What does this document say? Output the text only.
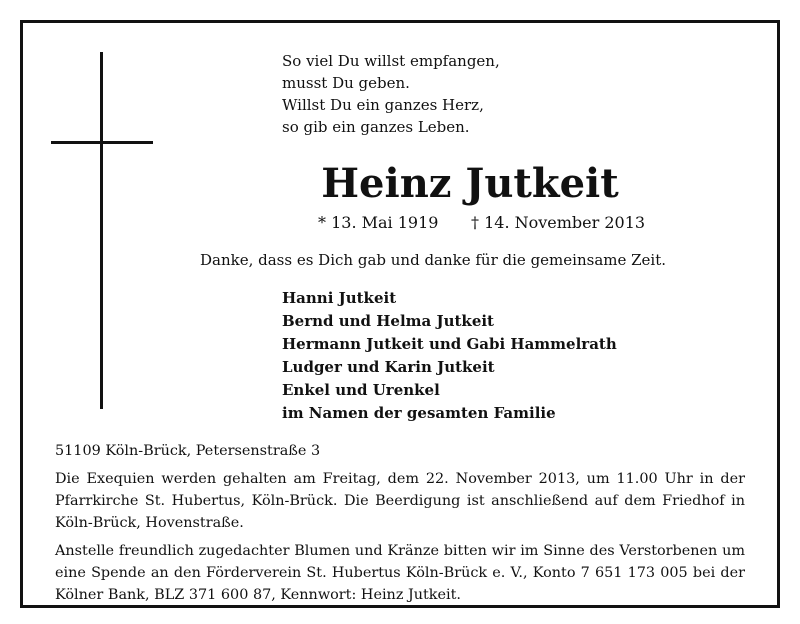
So viel Du willst empfangen,
musst Du geben.
Willst Du ein ganzes Herz,
so gib ein ganzes Leben.
Heinz Jutkeit
* 13. Mai 1919 † 14. November 2013
Danke, dass es Dich gab und danke für die gemeinsame Zeit.
Hanni Jutkeit
Bernd und Helma Jutkeit
Hermann Jutkeit und Gabi Hammelrath
Ludger und Karin Jutkeit
Enkel und Urenkel
im Namen der gesamten Familie

51109 Köln-Brück, Petersenstraße 3

Die Exequien werden gehalten am Freitag, dem 22. November 2013, um 11.00 Uhr in der Pfarrkirche St. Hubertus, Köln-Brück. Die Beerdigung ist anschließend auf dem Friedhof in Köln-Brück, Hovenstraße.

Anstelle freundlich zugedachter Blumen und Kränze bitten wir im Sinne des Verstorbenen um eine Spende an den Förderverein St. Hubertus Köln-Brück e. V., Konto 7 651 173 005 bei der Kölner Bank, BLZ 371 600 87, Kennwort: Heinz Jutkeit.
